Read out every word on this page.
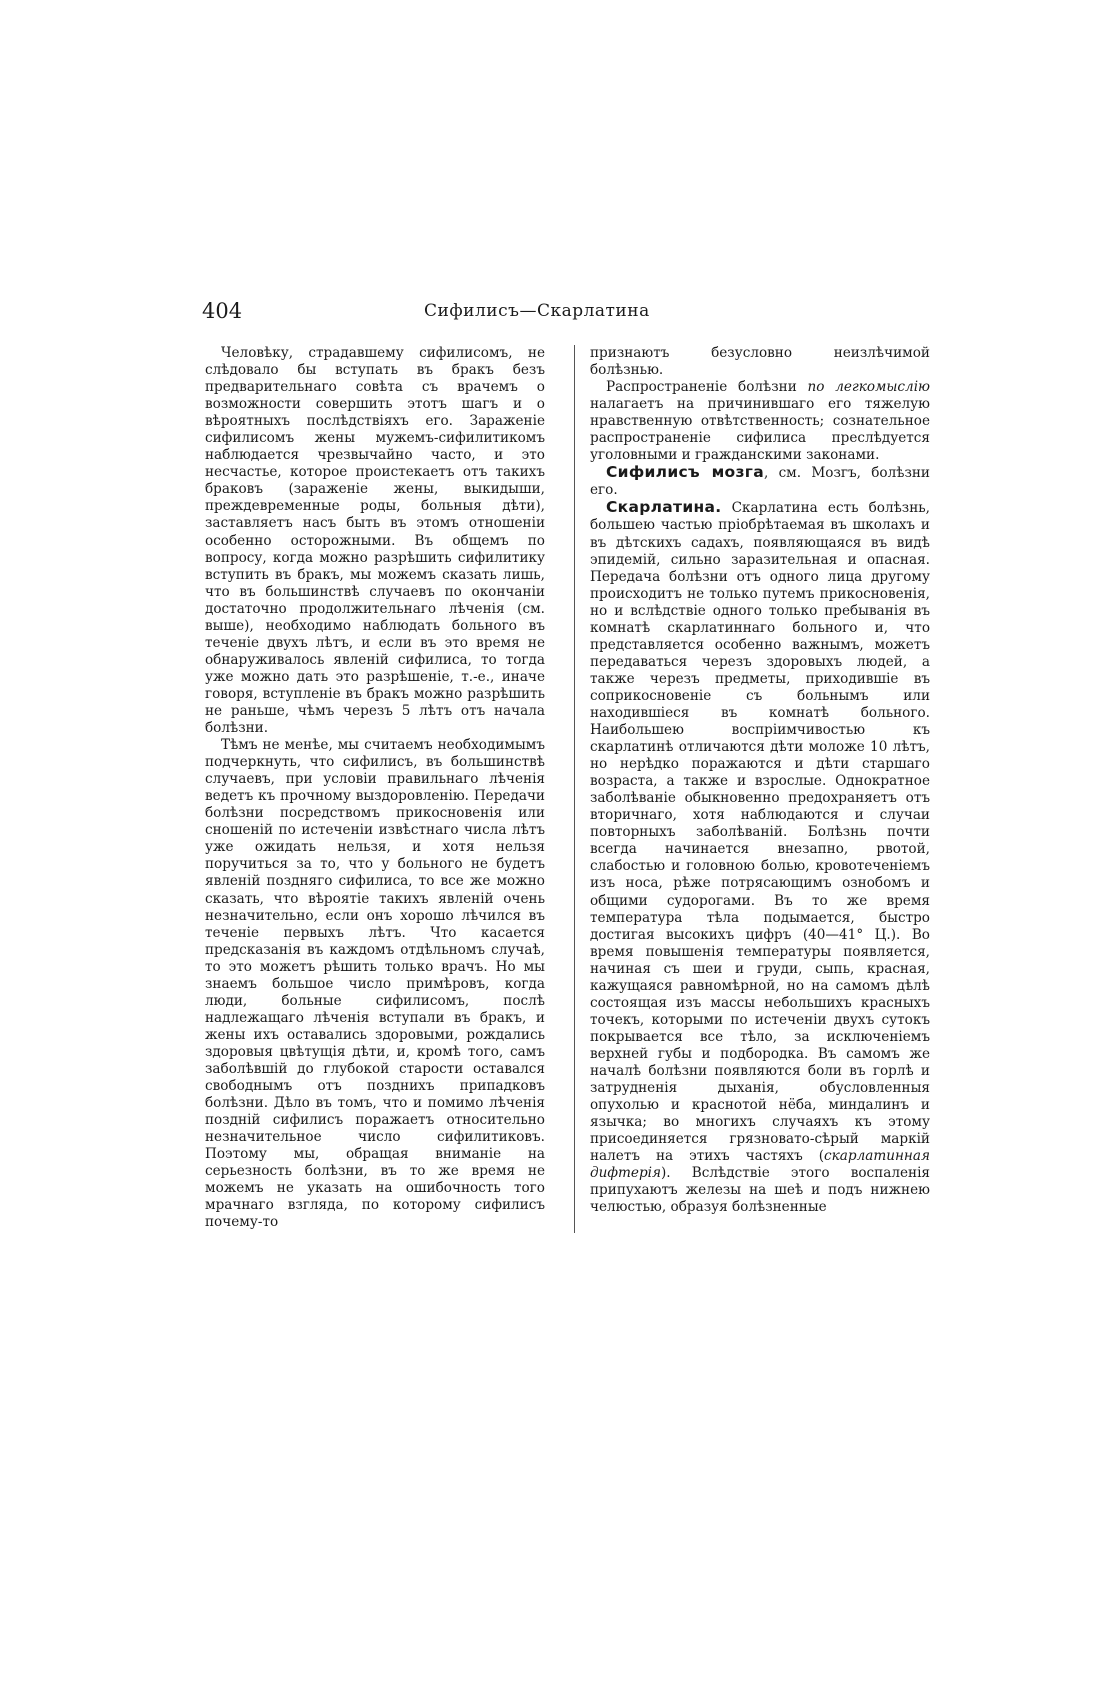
404	Сифилисъ—Скарлатина

Человѣку, страдавшему сифилисомъ, не слѣдовало бы вступать въ бракъ безъ предварительнаго совѣта съ врачемъ о возможности совершить этотъ шагъ и о вѣроятныхъ послѣдствіяхъ его. Зараженіе сифилисомъ жены мужемъ-сифилитикомъ наблюдается чрезвычайно часто, и это несчастье, которое проистекаетъ отъ такихъ браковъ (зараженіе жены, выкидыши, преждевременные роды, больныя дѣти), заставляетъ насъ быть въ этомъ отношеніи особенно осторожными. Въ общемъ по вопросу, когда можно разрѣшить сифилитику вступить въ бракъ, мы можемъ сказать лишь, что въ большинствѣ случаевъ по окончаніи достаточно продолжительнаго лѣченія (см. выше), необходимо наблюдать больного въ теченіе двухъ лѣтъ, и если въ это время не обнаруживалось явленій сифилиса, то тогда уже можно дать это разрѣшеніе, т.-е., иначе говоря, вступленіе въ бракъ можно разрѣшить не раньше, чѣмъ черезъ 5 лѣтъ отъ начала болѣзни.

Тѣмъ не менѣе, мы считаемъ необходимымъ подчеркнуть, что сифилисъ, въ большинствѣ случаевъ, при условіи правильнаго лѣченія ведетъ къ прочному выздоровленію. Передачи болѣзни посредствомъ прикосновенія или сношеній по истеченіи извѣстнаго числа лѣтъ уже ожидать нельзя, и хотя нельзя поручиться за то, что у больного не будетъ явленій поздняго сифилиса, то все же можно сказать, что вѣроятіе такихъ явленій очень незначительно, если онъ хорошо лѣчился въ теченіе первыхъ лѣтъ. Что касается предсказанія въ каждомъ отдѣльномъ случаѣ, то это можетъ рѣшить только врачъ. Но мы знаемъ большое число примѣровъ, когда люди, больные сифилисомъ, послѣ надлежащаго лѣченія вступали въ бракъ, и жены ихъ оставались здоровыми, рождались здоровыя цвѣтущія дѣти, и, кромѣ того, самъ заболѣвшій до глубокой старости оставался свободнымъ отъ позднихъ припадковъ болѣзни. Дѣло въ томъ, что и помимо лѣченія поздній сифилисъ поражаетъ относительно незначительное число сифилитиковъ. Поэтому мы, обращая вниманіе на серьезность болѣзни, въ то же время не можемъ не указать на ошибочность того мрачнаго взгляда, по которому сифилисъ почему-то

признаютъ безусловно неизлѣчимой болѣзнью.

Распространеніе болѣзни по легкомыслію налагаетъ на причинившаго его тяжелую нравственную отвѣтственность; сознательное распространеніе сифилиса преслѣдуется уголовными и гражданскими законами.

Сифилисъ мозга, см. Мозгъ, болѣзни его.

Скарлатина. Скарлатина есть болѣзнь, большею частью пріобрѣтаемая въ школахъ и въ дѣтскихъ садахъ, появляющаяся въ видѣ эпидемій, сильно заразительная и опасная. Передача болѣзни отъ одного лица другому происходитъ не только путемъ прикосновенія, но и вслѣдствіе одного только пребыванія въ комнатѣ скарлатиннаго больного и, что представляется особенно важнымъ, можетъ передаваться черезъ здоровыхъ людей, а также черезъ предметы, приходившіе въ соприкосновеніе съ больнымъ или находившіеся въ комнатѣ больного. Наибольшею воспріимчивостью къ скарлатинѣ отличаются дѣти моложе 10 лѣтъ, но нерѣдко поражаются и дѣти старшаго возраста, а также и взрослые. Однократное заболѣваніе обыкновенно предохраняетъ отъ вторичнаго, хотя наблюдаются и случаи повторныхъ заболѣваній. Болѣзнь почти всегда начинается внезапно, рвотой, слабостью и головною болью, кровотеченіемъ изъ носа, рѣже потрясающимъ ознобомъ и общими судорогами. Въ то же время температура тѣла подымается, быстро достигая высокихъ цифръ (40—41° Ц.). Во время повышенія температуры появляется, начиная съ шеи и груди, сыпь, красная, кажущаяся равномѣрной, но на самомъ дѣлѣ состоящая изъ массы небольшихъ красныхъ точекъ, которыми по истеченіи двухъ сутокъ покрывается все тѣло, за исключеніемъ верхней губы и подбородка. Въ самомъ же началѣ болѣзни появляются боли въ горлѣ и затрудненія дыханія, обусловленныя опухолью и краснотой нёба, миндалинъ и язычка; во многихъ случаяхъ къ этому присоединяется грязновато-сѣрый маркій налетъ на этихъ частяхъ (скарлатинная дифтерія). Вслѣдствіе этого воспаленія припухаютъ железы на шеѣ и подъ нижнею челюстью, образуя болѣзненные
